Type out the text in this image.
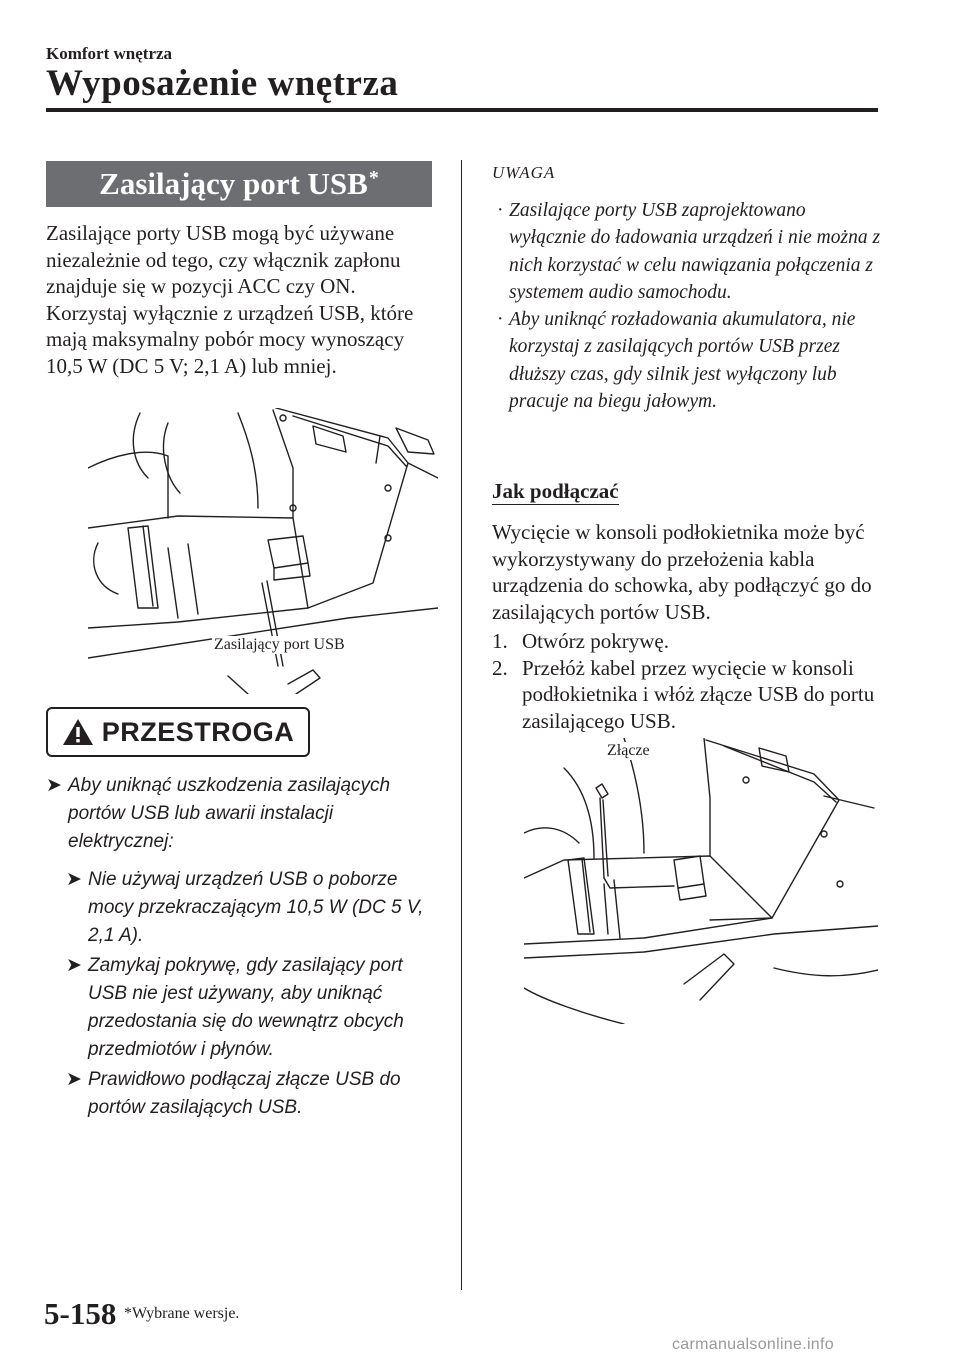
Komfort wnętrza
Wyposażenie wnętrza
Zasilający port USB*
Zasilające porty USB mogą być używane niezależnie od tego, czy włącznik zapłonu znajduje się w pozycji ACC czy ON. Korzystaj wyłącznie z urządzeń USB, które mają maksymalny pobór mocy wynoszący 10,5 W (DC 5 V; 2,1 A) lub mniej.
Zasilający port USB
PRZESTROGA
➤ Aby uniknąć uszkodzenia zasilających portów USB lub awarii instalacji elektrycznej:
➤ Nie używaj urządzeń USB o poborze mocy przekraczającym 10,5 W (DC 5 V, 2,1 A).
➤ Zamykaj pokrywę, gdy zasilający port USB nie jest używany, aby uniknąć przedostania się do wewnątrz obcych przedmiotów i płynów.
➤ Prawidłowo podłączaj złącze USB do portów zasilających USB.
UWAGA
· Zasilające porty USB zaprojektowano wyłącznie do ładowania urządzeń i nie można z nich korzystać w celu nawiązania połączenia z systemem audio samochodu.
· Aby uniknąć rozładowania akumulatora, nie korzystaj z zasilających portów USB przez dłuższy czas, gdy silnik jest wyłączony lub pracuje na biegu jałowym.
Jak podłączać
Wycięcie w konsoli podłokietnika może być wykorzystywany do przełożenia kabla urządzenia do schowka, aby podłączyć go do zasilających portów USB.
1. Otwórz pokrywę.
2. Przełóż kabel przez wycięcie w konsoli podłokietnika i włóż złącze USB do portu zasilającego USB.
Złącze
5-158 *Wybrane wersje.
carmanualsonline.info
